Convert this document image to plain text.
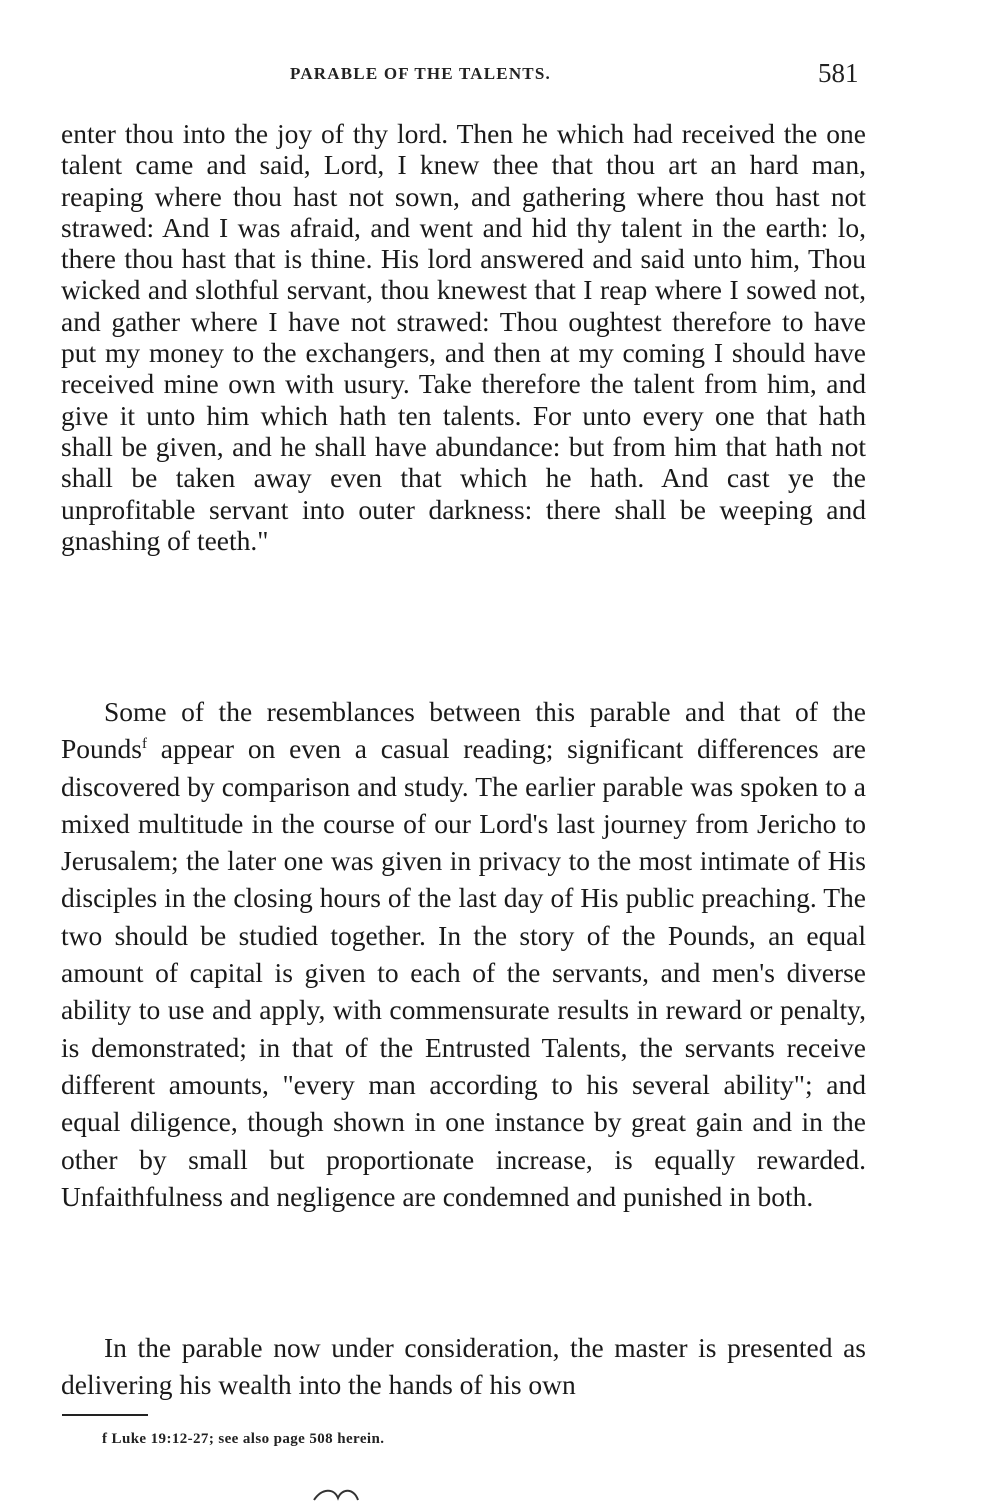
PARABLE OF THE TALENTS.	581

enter thou into the joy of thy lord. Then he which had received the one talent came and said, Lord, I knew thee that thou art an hard man, reaping where thou hast not sown, and gathering where thou hast not strawed: And I was afraid, and went and hid thy talent in the earth: lo, there thou hast that is thine. His lord answered and said unto him, Thou wicked and slothful servant, thou knewest that I reap where I sowed not, and gather where I have not strawed: Thou oughtest therefore to have put my money to the exchangers, and then at my coming I should have received mine own with usury. Take therefore the talent from him, and give it unto him which hath ten talents. For unto every one that hath shall be given, and he shall have abundance: but from him that hath not shall be taken away even that which he hath. And cast ye the unprofitable servant into outer darkness: there shall be weeping and gnashing of teeth."

Some of the resemblances between this parable and that of the Pounds$^f$ appear on even a casual reading; significant differences are discovered by comparison and study. The earlier parable was spoken to a mixed multitude in the course of our Lord's last journey from Jericho to Jerusalem; the later one was given in privacy to the most intimate of His disciples in the closing hours of the last day of His public preaching. The two should be studied together. In the story of the Pounds, an equal amount of capital is given to each of the servants, and men's diverse ability to use and apply, with commensurate results in reward or penalty, is demonstrated; in that of the Entrusted Talents, the servants receive different amounts, "every man according to his several ability"; and equal diligence, though shown in one instance by great gain and in the other by small but proportionate increase, is equally rewarded. Unfaithfulness and negligence are condemned and punished in both.

In the parable now under consideration, the master is presented as delivering his wealth into the hands of his own

f Luke 19:12-27; see also page 508 herein.
